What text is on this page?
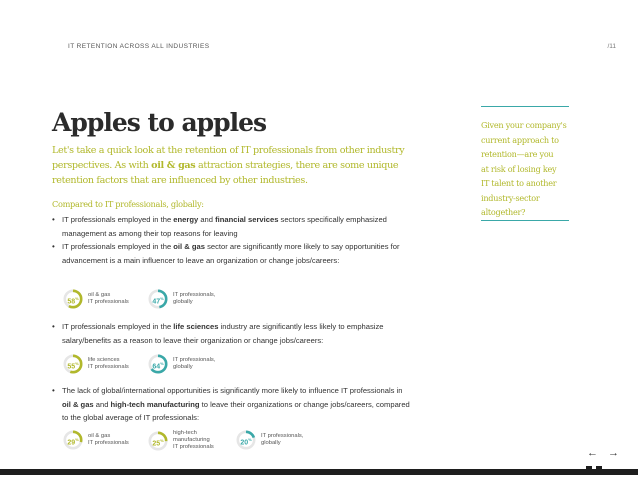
IT RETENTION ACROSS ALL INDUSTRIES	/11
Apples to apples

Let's take a quick look at the retention of IT professionals from other industry perspectives. As with oil & gas attraction strategies, there are some unique retention factors that are influenced by other industries.

Compared to IT professionals, globally:
• IT professionals employed in the energy and financial services sectors specifically emphasized management as among their top reasons for leaving
• IT professionals employed in the oil & gas sector are significantly more likely to say opportunities for advancement is a main influencer to leave an organization or change jobs/careers:
• IT professionals employed in the life sciences industry are significantly less likely to emphasize salary/benefits as a reason to leave their organization or change jobs/careers:
• The lack of global/international opportunities is significantly more likely to influence IT professionals in oil & gas and high-tech manufacturing to leave their organizations or change jobs/careers, compared to the global average of IT professionals:
58%
oil & gas
IT professionals	47%
IT professionals,
globally
55%
life sciences
IT professionals	64%
IT professionals,
globally
29%
oil & gas
IT professionals	25%
high-tech
manufacturing
IT professionals
20%
IT professionals,
globally
Given your company's
current approach to
retention—are you
at risk of losing key
IT talent to another
industry-sector
altogether?
← →
